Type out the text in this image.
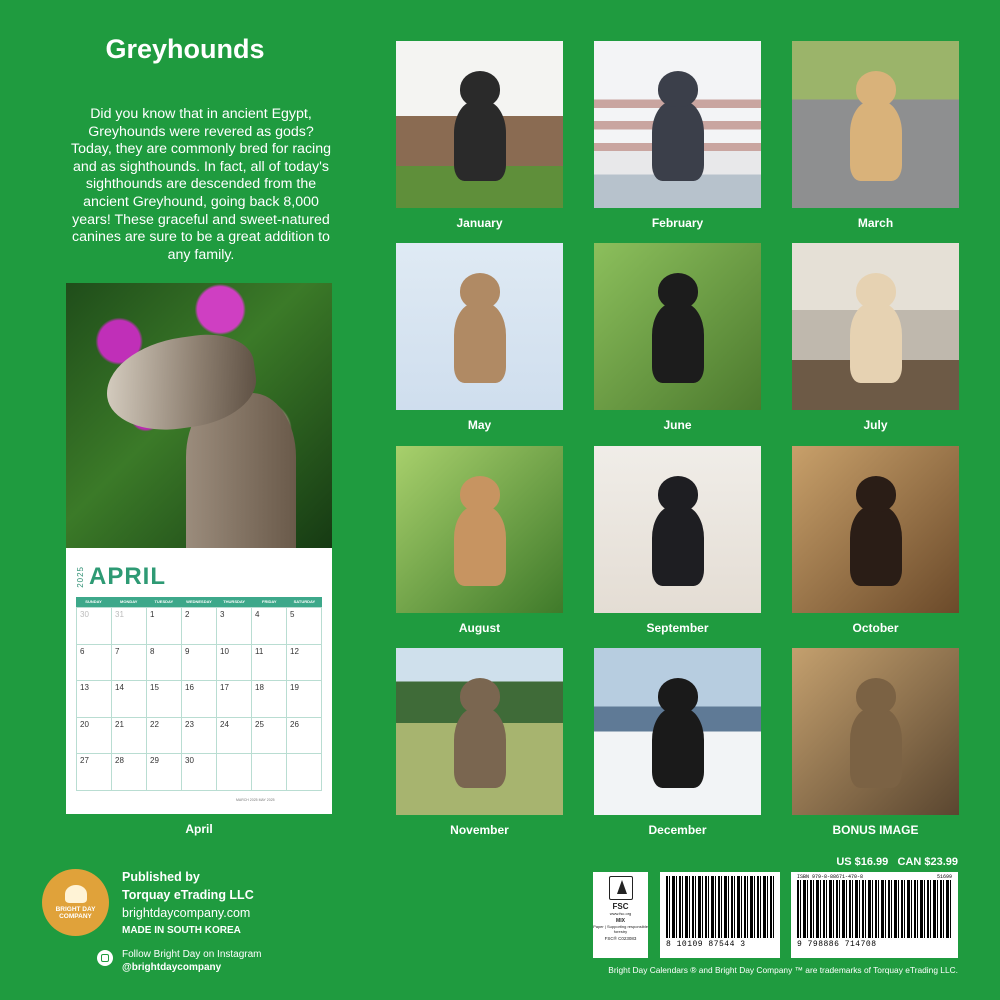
Greyhounds
Did you know that in ancient Egypt, Greyhounds were revered as gods? Today, they are commonly bred for racing and as sighthounds. In fact, all of today's sighthounds are descended from the ancient Greyhound, going back 8,000 years! These graceful and sweet-natured canines are sure to be a great addition to any family.
2025 APRIL
SUNDAY	MONDAY	TUESDAY	WEDNESDAY	THURSDAY	FRIDAY	SATURDAY
30	31	1	2	3	4	5
6	7	8	9	10	11	12
13	14	15	16	17	18	19
20	21	22	23	24	25	26
27	28	29	30
MARCH 2025 MAY 2025
April
January	February	March
May	June	July
August	September	October
November	December	BONUS IMAGE
BRIGHT DAY
COMPANY
Published by
Torquay eTrading LLC
brightdaycompany.com
MADE IN SOUTH KOREA
Follow Bright Day on Instagram
@brightdaycompany
US $16.99   CAN $23.99
FSC
www.fsc.org
MIX
Paper | Supporting responsible forestry
FSC® C023083
8 10109 87544 3
ISBN 979-8-88671-470-8	51699
9 798886 714708
Bright Day Calendars ® and Bright Day Company ™ are trademarks of Torquay eTrading LLC.
